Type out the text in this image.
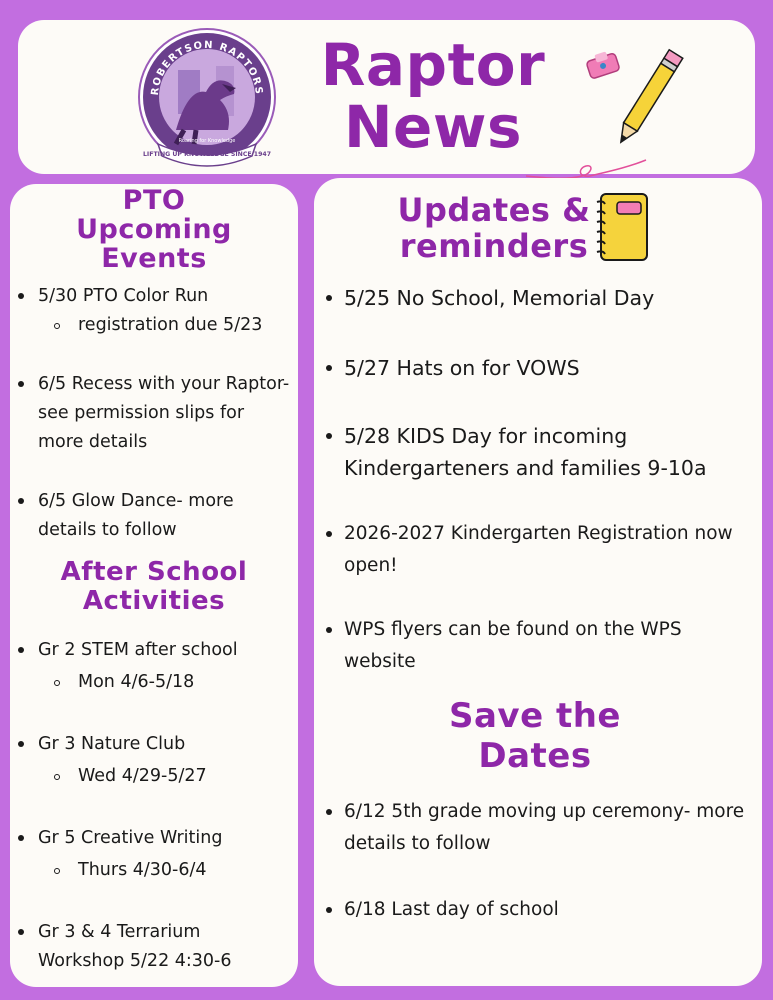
ROBERTSON RAPTORS
Roaring for Knowledge
LIFTING UP KNOWLEDGE SINCE 1947
Raptor
News
PTO Upcoming Events
5/30 PTO Color Run
registration due 5/23
6/5 Recess with your Raptor-see permission slips for more details
6/5 Glow Dance- more details to follow
After School Activities
Gr 2 STEM after school
Mon 4/6-5/18
Gr 3 Nature Club
Wed 4/29-5/27
Gr 5 Creative Writing
Thurs 4/30-6/4
Gr 3 & 4 Terrarium Workshop 5/22 4:30-6
Updates & reminders
5/25 No School, Memorial Day
5/27 Hats on for VOWS
5/28 KIDS Day for incoming Kindergarteners and families 9-10a
2026-2027 Kindergarten Registration now open!
WPS flyers can be found on the WPS website
Save the Dates
6/12 5th grade moving up ceremony- more details to follow
6/18 Last day of school
